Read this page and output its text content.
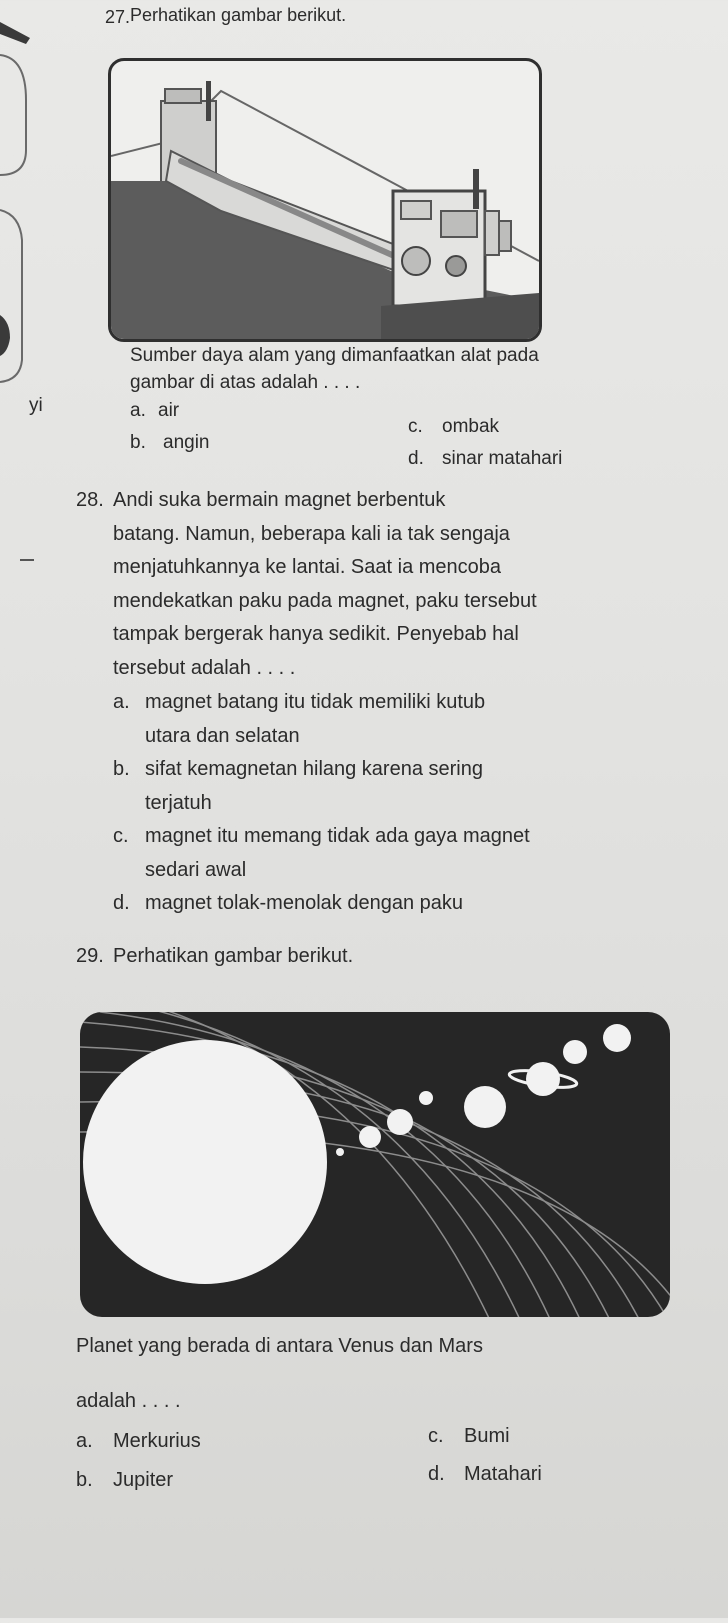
yi
27. Perhatikan gambar berikut.
Sumber daya alam yang dimanfaatkan alat pada
gambar di atas adalah . . . .
a. air
b. angin
c. ombak
d. sinar matahari
28. Andi suka bermain magnet berbentuk
batang. Namun, beberapa kali ia tak sengaja
menjatuhkannya ke lantai. Saat ia mencoba
mendekatkan paku pada magnet, paku tersebut
tampak bergerak hanya sedikit. Penyebab hal
tersebut adalah . . . .
a. magnet batang itu tidak memiliki kutub
utara dan selatan
b. sifat kemagnetan hilang karena sering
terjatuh
c. magnet itu memang tidak ada gaya magnet
sedari awal
d. magnet tolak-menolak dengan paku
29. Perhatikan gambar berikut.
Planet yang berada di antara Venus dan Mars
adalah . . . .
a. Merkurius
b. Jupiter
c. Bumi
d. Matahari
